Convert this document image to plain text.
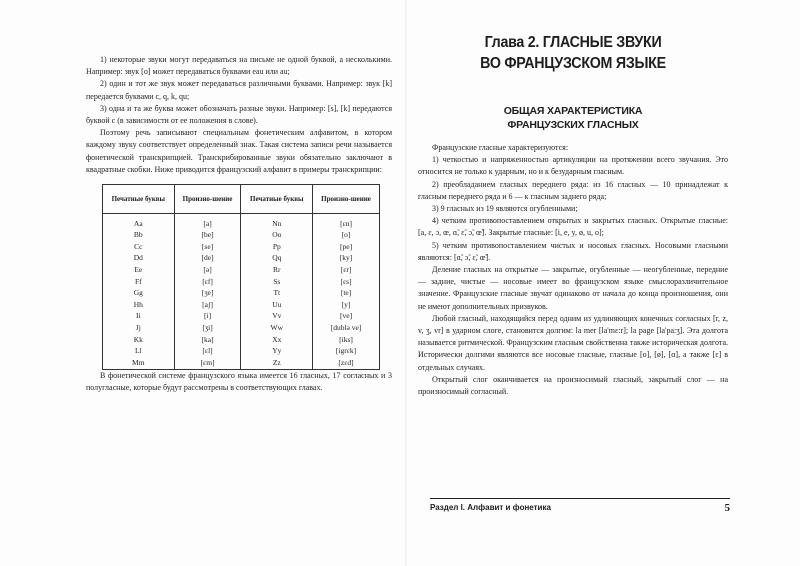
1) некоторые звуки могут передаваться на письме не одной буквой, а несколькими. Например: звук [o] может передаваться буквами eau или au;

2) один и тот же звук может передаваться различными буквами. Например: звук [k] передается буквами c, q, k, qu;

3) одна и та же буква может обозначать разные звуки. Например: [s], [k] передаются буквой с (в зависимости от ее положения в слове).

Поэтому речь записывают специальным фонетическим алфавитом, в котором каждому звуку соответствует определенный знак. Такая система записи речи называется фонетической транскрипцией. Транскрибированные звуки обязательно заключают в квадратные скобки. Ниже приводится французский алфавит в примеры транскрипции:

Печатные буквы	Произно-шение	Печатные буквы	Произно-шение
Aa	[a]	Nn	[εn]
Bb	[be]	Oo	[o]
Cc	[se]	Pp	[pe]
Dd	[de]	Qq	[ky]
Ee	[ə]	Rr	[εr]
Ff	[εf]	Ss	[εs]
Gg	[ʒe]	Tt	[te]
Hh	[aʃ]	Uu	[y]
Ii	[i]	Vv	[ve]
Jj	[ʒi]	Ww	[dublə ve]
Kk	[ka]	Xx	[iks]
Ll	[εl]	Yy	[igrεk]
Mm	[εm]	Zz	[zεd]

В фонетической системе французского языка имеется 16 гласных, 17 согласных и 3 полугласные, которые будут рассмотрены в соответствующих главах.

Глава 2. ГЛАСНЫЕ ЗВУКИ
ВО ФРАНЦУЗСКОМ ЯЗЫКЕ

ОБЩАЯ ХАРАКТЕРИСТИКА
ФРАНЦУЗСКИХ ГЛАСНЫХ

Французские гласные характеризуются:

1) четкостью и напряженностью артикуляции на протяжении всего звучания. Это относится не только к ударным, но и к безударным гласным.

2) преобладанием гласных переднего ряда: из 16 гласных — 10 принадлежат к гласным переднего ряда и 6 — к гласным заднего ряда;

3) 9 гласных из 19 являются огубленными;

4) четким противопоставлением открытых и закрытых гласных. Открытые гласные: [a, ε, ɔ, œ, ɑ̃, ε̃, ɔ̃, œ̃]. Закрытые гласные: [i, e, y, ø, u, o];

5) четким противопоставлением чистых и носовых гласных. Носовыми гласными являются: [ɑ̃, ɔ̃, ε̃, œ̃].

Деление гласных на открытые — закрытые, огубленные — неогубленные, передние — задние, чистые — носовые имеет во французском языке смыслоразличительное значение. Французские гласные звучат одинаково от начала до конца произношения, они не имеют дополнительных призвуков.

Любой гласный, находящийся перед одним из удлиняющих конечных согласных [r, z, v, ʒ, vr] в ударном слоге, становится долгим: la mer [la'mε:r]; la page [la'pa:ʒ]. Эта долгота называется ритмической. Французским гласным свойственна также историческая долгота. Исторически долгими являются все носовые гласные, гласные [o], [ø], [ɑ], а также [ε] в отдельных случаях.

Открытый слог оканчивается на произносимый гласный, закрытый слог — на произносимый согласный.

Раздел I. Алфавит и фонетика	5
